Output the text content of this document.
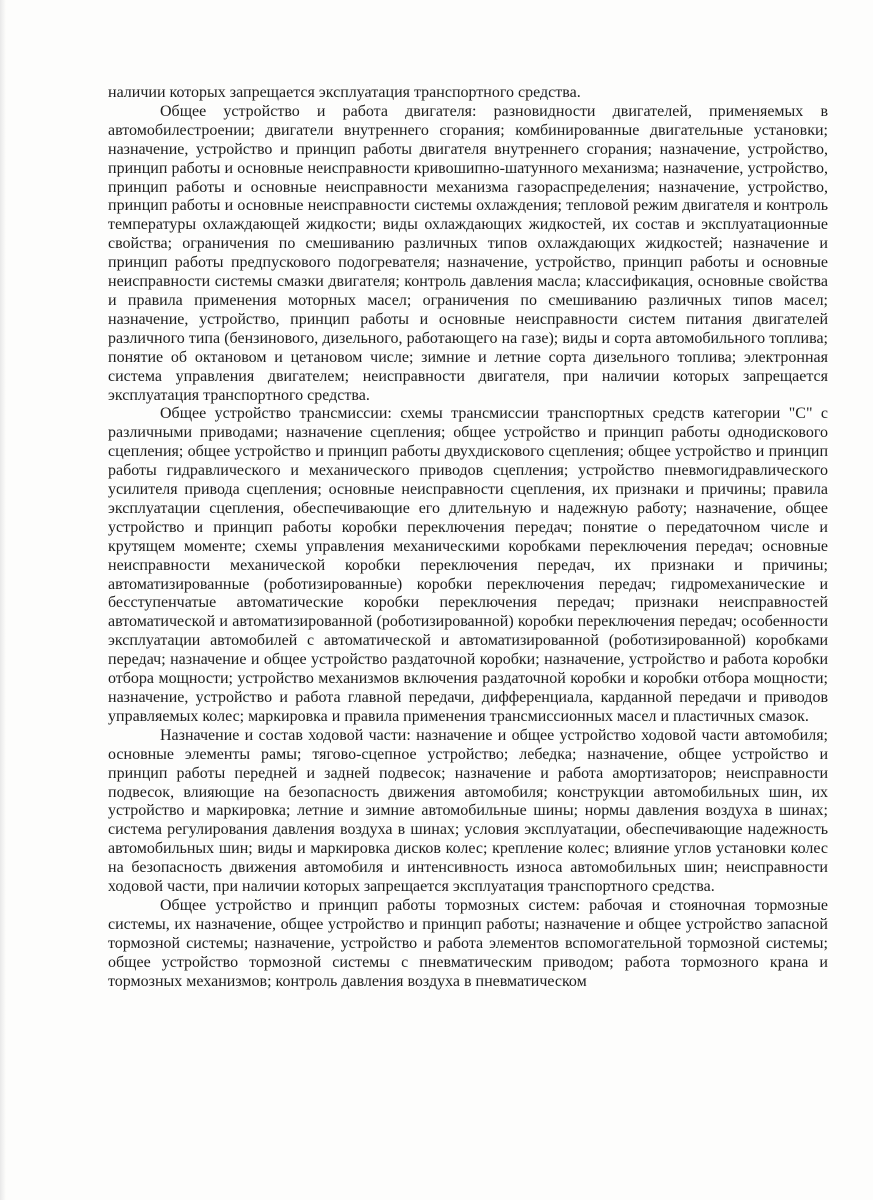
наличии которых запрещается эксплуатация транспортного средства.

Общее устройство и работа двигателя: разновидности двигателей, применяемых в автомобилестроении; двигатели внутреннего сгорания; комбинированные двигательные установки; назначение, устройство и принцип работы двигателя внутреннего сгорания; назначение, устройство, принцип работы и основные неисправности кривошипно-шатунного механизма; назначение, устройство, принцип работы и основные неисправности механизма газораспределения; назначение, устройство, принцип работы и основные неисправности системы охлаждения; тепловой режим двигателя и контроль температуры охлаждающей жидкости; виды охлаждающих жидкостей, их состав и эксплуатационные свойства; ограничения по смешиванию различных типов охлаждающих жидкостей; назначение и принцип работы предпускового подогревателя; назначение, устройство, принцип работы и основные неисправности системы смазки двигателя; контроль давления масла; классификация, основные свойства и правила применения моторных масел; ограничения по смешиванию различных типов масел; назначение, устройство, принцип работы и основные неисправности систем питания двигателей различного типа (бензинового, дизельного, работающего на газе); виды и сорта автомобильного топлива; понятие об октановом и цетановом числе; зимние и летние сорта дизельного топлива; электронная система управления двигателем; неисправности двигателя, при наличии которых запрещается эксплуатация транспортного средства.

Общее устройство трансмиссии: схемы трансмиссии транспортных средств категории "C" с различными приводами; назначение сцепления; общее устройство и принцип работы однодискового сцепления; общее устройство и принцип работы двухдискового сцепления; общее устройство и принцип работы гидравлического и механического приводов сцепления; устройство пневмогидравлического усилителя привода сцепления; основные неисправности сцепления, их признаки и причины; правила эксплуатации сцепления, обеспечивающие его длительную и надежную работу; назначение, общее устройство и принцип работы коробки переключения передач; понятие о передаточном числе и крутящем моменте; схемы управления механическими коробками переключения передач; основные неисправности механической коробки переключения передач, их признаки и причины; автоматизированные (роботизированные) коробки переключения передач; гидромеханические и бесступенчатые автоматические коробки переключения передач; признаки неисправностей автоматической и автоматизированной (роботизированной) коробки переключения передач; особенности эксплуатации автомобилей с автоматической и автоматизированной (роботизированной) коробками передач; назначение и общее устройство раздаточной коробки; назначение, устройство и работа коробки отбора мощности; устройство механизмов включения раздаточной коробки и коробки отбора мощности; назначение, устройство и работа главной передачи, дифференциала, карданной передачи и приводов управляемых колес; маркировка и правила применения трансмиссионных масел и пластичных смазок.

Назначение и состав ходовой части: назначение и общее устройство ходовой части автомобиля; основные элементы рамы; тягово-сцепное устройство; лебедка; назначение, общее устройство и принцип работы передней и задней подвесок; назначение и работа амортизаторов; неисправности подвесок, влияющие на безопасность движения автомобиля; конструкции автомобильных шин, их устройство и маркировка; летние и зимние автомобильные шины; нормы давления воздуха в шинах; система регулирования давления воздуха в шинах; условия эксплуатации, обеспечивающие надежность автомобильных шин; виды и маркировка дисков колес; крепление колес; влияние углов установки колес на безопасность движения автомобиля и интенсивность износа автомобильных шин; неисправности ходовой части, при наличии которых запрещается эксплуатация транспортного средства.

Общее устройство и принцип работы тормозных систем: рабочая и стояночная тормозные системы, их назначение, общее устройство и принцип работы; назначение и общее устройство запасной тормозной системы; назначение, устройство и работа элементов вспомогательной тормозной системы; общее устройство тормозной системы с пневматическим приводом; работа тормозного крана и тормозных механизмов; контроль давления воздуха в пневматическом
